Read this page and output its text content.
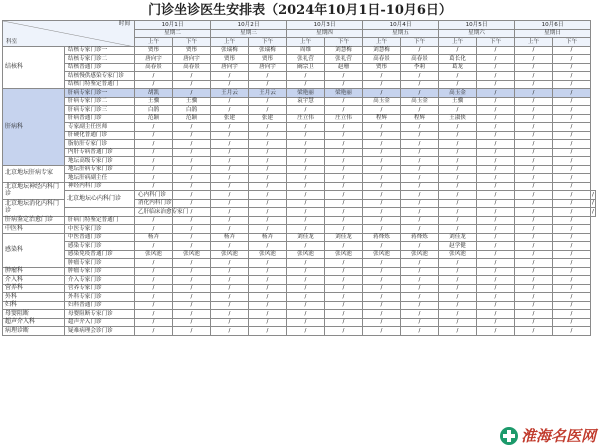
门诊坐诊医生安排表（2024年10月1日-10月6日）
时间
科室		10月1日		10月2日		10月3日		10月4日		10月5日		10月6日		
		星期二		星期三		星期四		星期五		星期六		星期日		
		上午	下午	上午	下午	上午	下午	上午	下午	上午	下午	上午	下午	
结核科	结核专家门诊一	贾彤	贾彤	张瑞梅	张瑞梅	周维	刘慧梅	刘慧梅	/	/	/	/	/	
	结核专家门诊二	唐向宇	唐向宇	贾彤	贾彤	张礼营	张礼营	高春景	高春景	葛长化	/	/	/	
	结核普通门诊	高春景	高春景	唐向宇	唐向宇	阚宗卫	赵珊	贾彤	李莉	葛龙	/	/	/	
	结核慢供感染专家门诊	/	/	/	/	/	/	/	/	/	/	/	/	
	结核门特鉴定普通门	/	/	/	/	/	/	/	/	/	/	/	/	
肝病科	肝病专家门诊一	胡凯	/	王月云	王月云	梁艳丽	梁艳丽	/	/	高玉金	/	/	/	
	肝病专家门诊二	王骥	王骥	/	/	袁宇慧	/	高玉金	高玉金	王骥	/	/	/	
	肝病专家门诊三	白鹃	白鹃	/	/	/	/	/	/	/	/	/	/	
	肝病普通门诊	范颖	范颖	张建	张建	庄立伟	庄立伟	程辉	程辉	王淑侠	/	/	/	
	专家副主任医师	/	/	/	/	/	/	/	/	/	/	/	/	
	肝硬化普通门诊	/	/	/	/	/	/	/	/	/	/	/	/	
	脂肪肝专家门诊	/	/	/	/	/	/	/	/	/	/	/	/	
	内肝专病普通门诊	/	/	/	/	/	/	/	/	/	/	/	/	
	地坛高级专家门诊	/	/	/	/	/	/	/	/	/	/	/	/	
北京地坛肝病专家	地坛肝病专家门诊	/	/	/	/	/	/	/	/	/	/	/	/	
	地坛肝病副主任	/	/	/	/	/	/	/	/	/	/	/	/	
北京地坛神经内科门诊	神经内科门诊	/	/	/	/	/	/	/	/	/	/	/	/	
	北京地坛心内科门诊	心内科门诊	/	/	/	/	/	/	/	/	/	/	/	/
北京地坛消化内科门诊		消化内科门诊	/	/	/	/	/	/	/	/	/	/	/	/
		乙肝临床治愈专家门	/	/	/	/	/	/	/	/	/	/	/	/
肝病鉴定治愈门诊	肝病门特鉴定普通门	/	/	/	/	/	/	/	/	/	/	/	/	
中医科	中医专家门诊	/	/	/	/	/	/	/	/	/	/	/	/	
感染科	中医普通门诊	杨卉	/	杨卉	杨卉	刘佳龙	刘佳龙	蒋烽炼	蒋烽炼	刘佳龙	/	/	/	
	感染专家门诊	/	/	/	/	/	/	/	/	赵学健	/	/	/	
	感染免疫普通门诊	张风池	张风池	张风池	张风池	张风池	张风池	张风池	张风池	张风池	/	/	/	
	肿瘤专家门诊	/	/	/	/	/	/	/	/	/	/	/	/	
肿瘤科	肿瘤专家门诊	/	/	/	/	/	/	/	/	/	/	/	/	
介入科	介入专家门诊	/	/	/	/	/	/	/	/	/	/	/	/	
营养科	营养专家门诊	/	/	/	/	/	/	/	/	/	/	/	/	
外科	外科专家门诊	/	/	/	/	/	/	/	/	/	/	/	/	
妇科	妇科普通门诊	/	/	/	/	/	/	/	/	/	/	/	/	
母婴阻断	母婴阻断专家门诊	/	/	/	/	/	/	/	/	/	/	/	/	
超声介入科	超声介入门诊	/	/	/	/	/	/	/	/	/	/	/	/	
病理诊断	疑难病理会诊门诊	/	/	/	/	/	/	/	/	/	/	/	/	
淮海名医网
